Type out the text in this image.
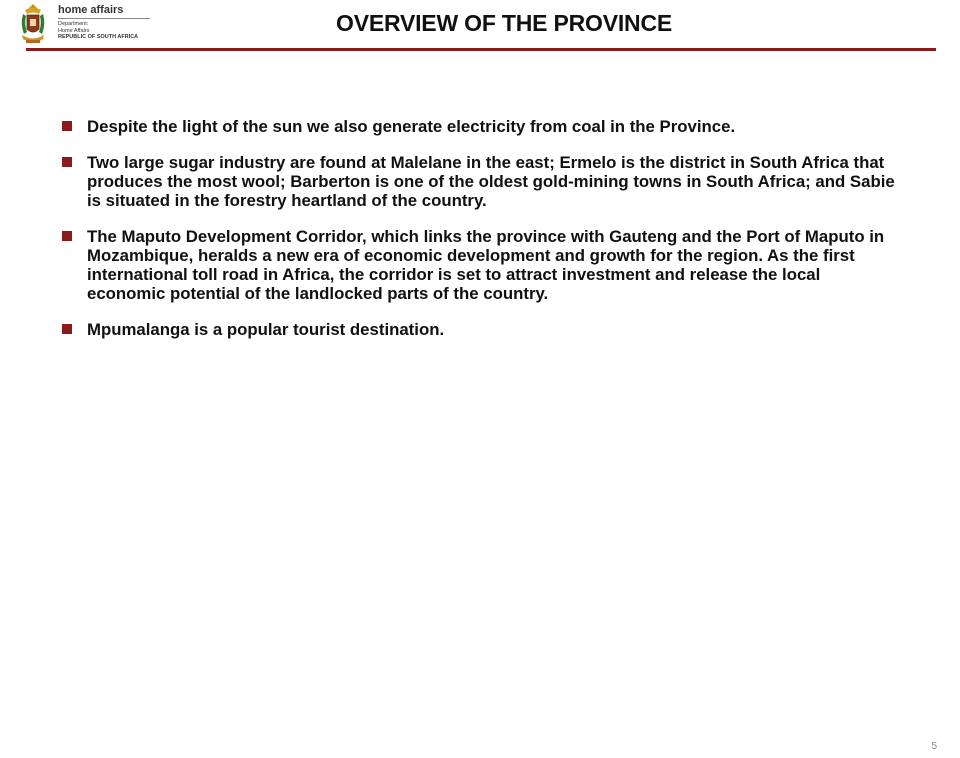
home affairs
Department:
Home Affairs
REPUBLIC OF SOUTH AFRICA
OVERVIEW OF THE PROVINCE
Despite the light of the sun we also generate electricity from coal in the Province.
Two large sugar industry are found at Malelane in the east; Ermelo is the district in South Africa that produces the most wool; Barberton is one of the oldest gold-mining towns in South Africa; and Sabie is situated in the forestry heartland of the country.
The Maputo Development Corridor, which links the province with Gauteng and the Port of Maputo in Mozambique, heralds a new era of economic development and growth for the region. As the first international toll road in Africa, the corridor is set to attract investment and release the local economic potential of the landlocked parts of the country.
Mpumalanga is a popular tourist destination.
5
